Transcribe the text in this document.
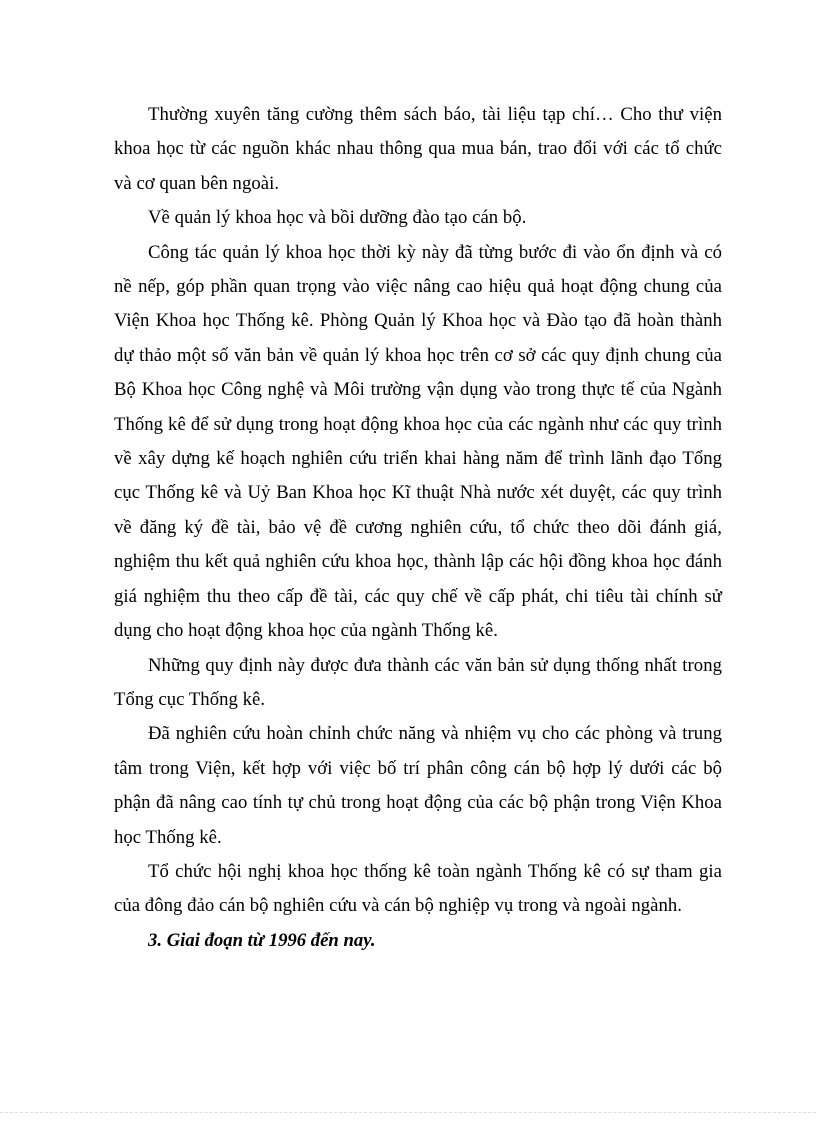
Thường xuyên tăng cường thêm sách báo, tài liệu tạp chí… Cho thư viện khoa học từ các nguồn khác nhau thông qua mua bán, trao đổi với các tổ chức và cơ quan bên ngoài.

Về quản lý khoa học và bồi dưỡng đào tạo cán bộ.

Công tác quản lý khoa học thời kỳ này đã từng bước đi vào ổn định và có nề nếp, góp phần quan trọng vào việc nâng cao hiệu quả hoạt động chung của Viện Khoa học Thống kê. Phòng Quản lý Khoa học và Đào tạo đã hoàn thành dự thảo một số văn bản về quản lý khoa học trên cơ sở các quy định chung của Bộ Khoa học Công nghệ và Môi trường vận dụng vào trong thực tế của Ngành Thống kê để sử dụng trong hoạt động khoa học của các ngành như các quy trình về xây dựng kế hoạch nghiên cứu triển khai hàng năm để trình lãnh đạo Tổng cục Thống kê và Uỷ Ban Khoa học Kĩ thuật Nhà nước xét duyệt, các quy trình về đăng ký đề tài, bảo vệ đề cương nghiên cứu, tổ chức theo dõi đánh giá, nghiệm thu kết quả nghiên cứu khoa học, thành lập các hội đồng khoa học đánh giá nghiệm thu theo cấp đề tài, các quy chế về cấp phát, chi tiêu tài chính sử dụng cho hoạt động khoa học của ngành Thống kê.

Những quy định này được đưa thành các văn bản sử dụng thống nhất trong Tổng cục Thống kê.

Đã nghiên cứu hoàn chỉnh chức năng và nhiệm vụ cho các phòng và trung tâm trong Viện, kết hợp với việc bố trí phân công cán bộ hợp lý dưới các bộ phận đã nâng cao tính tự chủ trong hoạt động của các bộ phận trong Viện Khoa học Thống kê.

Tổ chức hội nghị khoa học thống kê toàn ngành Thống kê có sự tham gia của đông đảo cán bộ nghiên cứu và cán bộ nghiệp vụ trong và ngoài ngành.

3. Giai đoạn từ 1996 đến nay.
